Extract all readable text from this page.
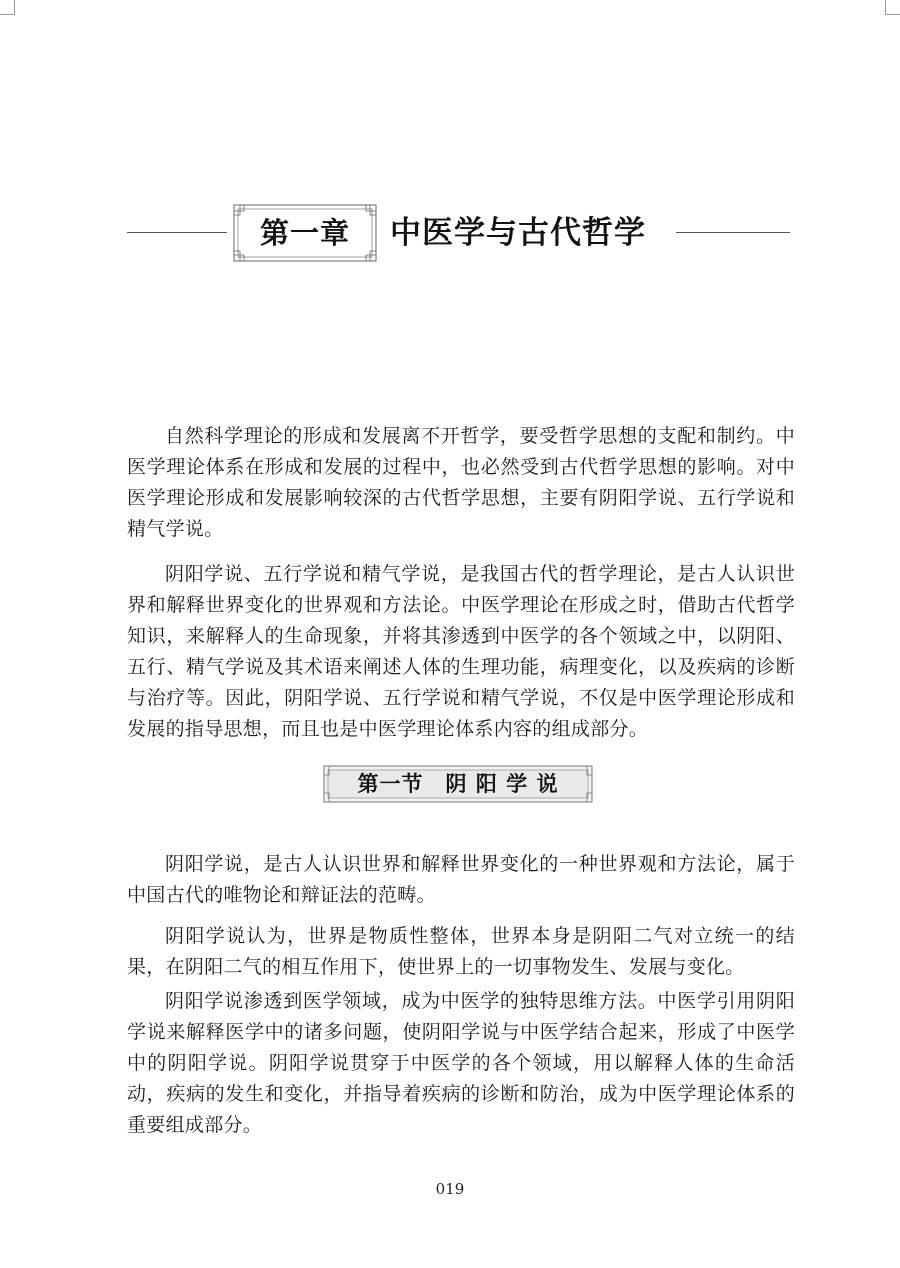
第一章	中医学与古代哲学

自然科学理论的形成和发展离不开哲学，要受哲学思想的支配和制约。中医学理论体系在形成和发展的过程中，也必然受到古代哲学思想的影响。对中医学理论形成和发展影响较深的古代哲学思想，主要有阴阳学说、五行学说和精气学说。

阴阳学说、五行学说和精气学说，是我国古代的哲学理论，是古人认识世界和解释世界变化的世界观和方法论。中医学理论在形成之时，借助古代哲学知识，来解释人的生命现象，并将其渗透到中医学的各个领域之中，以阴阳、五行、精气学说及其术语来阐述人体的生理功能，病理变化，以及疾病的诊断与治疗等。因此，阴阳学说、五行学说和精气学说，不仅是中医学理论形成和发展的指导思想，而且也是中医学理论体系内容的组成部分。

第一节　阴 阳 学 说

阴阳学说，是古人认识世界和解释世界变化的一种世界观和方法论，属于中国古代的唯物论和辩证法的范畴。

阴阳学说认为，世界是物质性整体，世界本身是阴阳二气对立统一的结果，在阴阳二气的相互作用下，使世界上的一切事物发生、发展与变化。

阴阳学说渗透到医学领域，成为中医学的独特思维方法。中医学引用阴阳学说来解释医学中的诸多问题，使阴阳学说与中医学结合起来，形成了中医学中的阴阳学说。阴阳学说贯穿于中医学的各个领域，用以解释人体的生命活动，疾病的发生和变化，并指导着疾病的诊断和防治，成为中医学理论体系的重要组成部分。

019
